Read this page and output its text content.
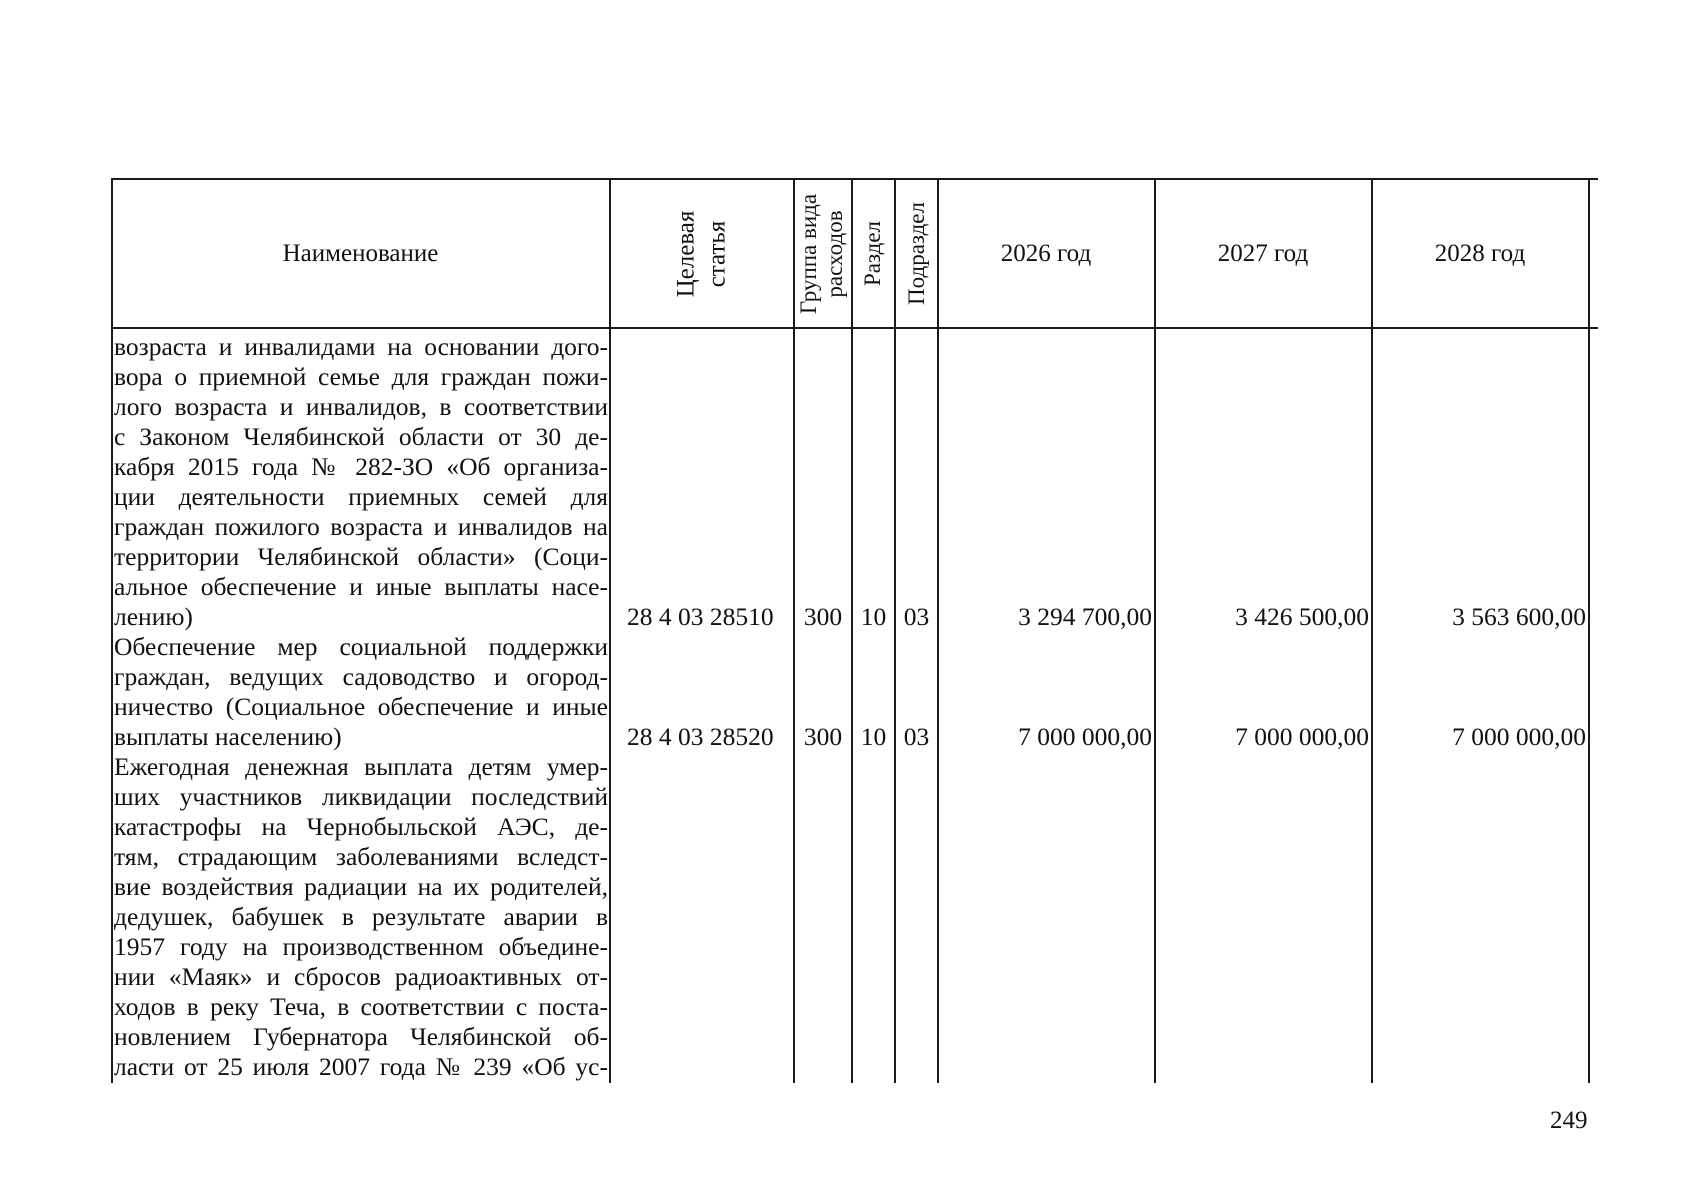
Наименование	Целевая статья	Группа вида расходов Раздел Подраздел	2026 год	2027 год	2028 год
возраста и инвалидами на основании дого-
вора о приемной семье для граждан пожи-
лого возраста и инвалидов, в соответствии
с Законом Челябинской области от 30 де-
кабря 2015 года № 282-ЗО «Об организа-
ции деятельности приемных семей для
граждан пожилого возраста и инвалидов на
территории Челябинской области» (Соци-
альное обеспечение и иные выплаты насе-
лению)	28 4 03 28510	300 10 03	3 294 700,00	3 426 500,00	3 563 600,00
Обеспечение мер социальной поддержки
граждан, ведущих садоводство и огород-
ничество (Социальное обеспечение и иные
выплаты населению)	28 4 03 28520	300 10 03	7 000 000,00	7 000 000,00	7 000 000,00
Ежегодная денежная выплата детям умер-
ших участников ликвидации последствий
катастрофы на Чернобыльской АЭС, де-
тям, страдающим заболеваниями вследст-
вие воздействия радиации на их родителей,
дедушек, бабушек в результате аварии в
1957 году на производственном объедине-
нии «Маяк» и сбросов радиоактивных от-
ходов в реку Теча, в соответствии с поста-
новлением Губернатора Челябинской об-
ласти от 25 июля 2007 года № 239 «Об ус-
249
